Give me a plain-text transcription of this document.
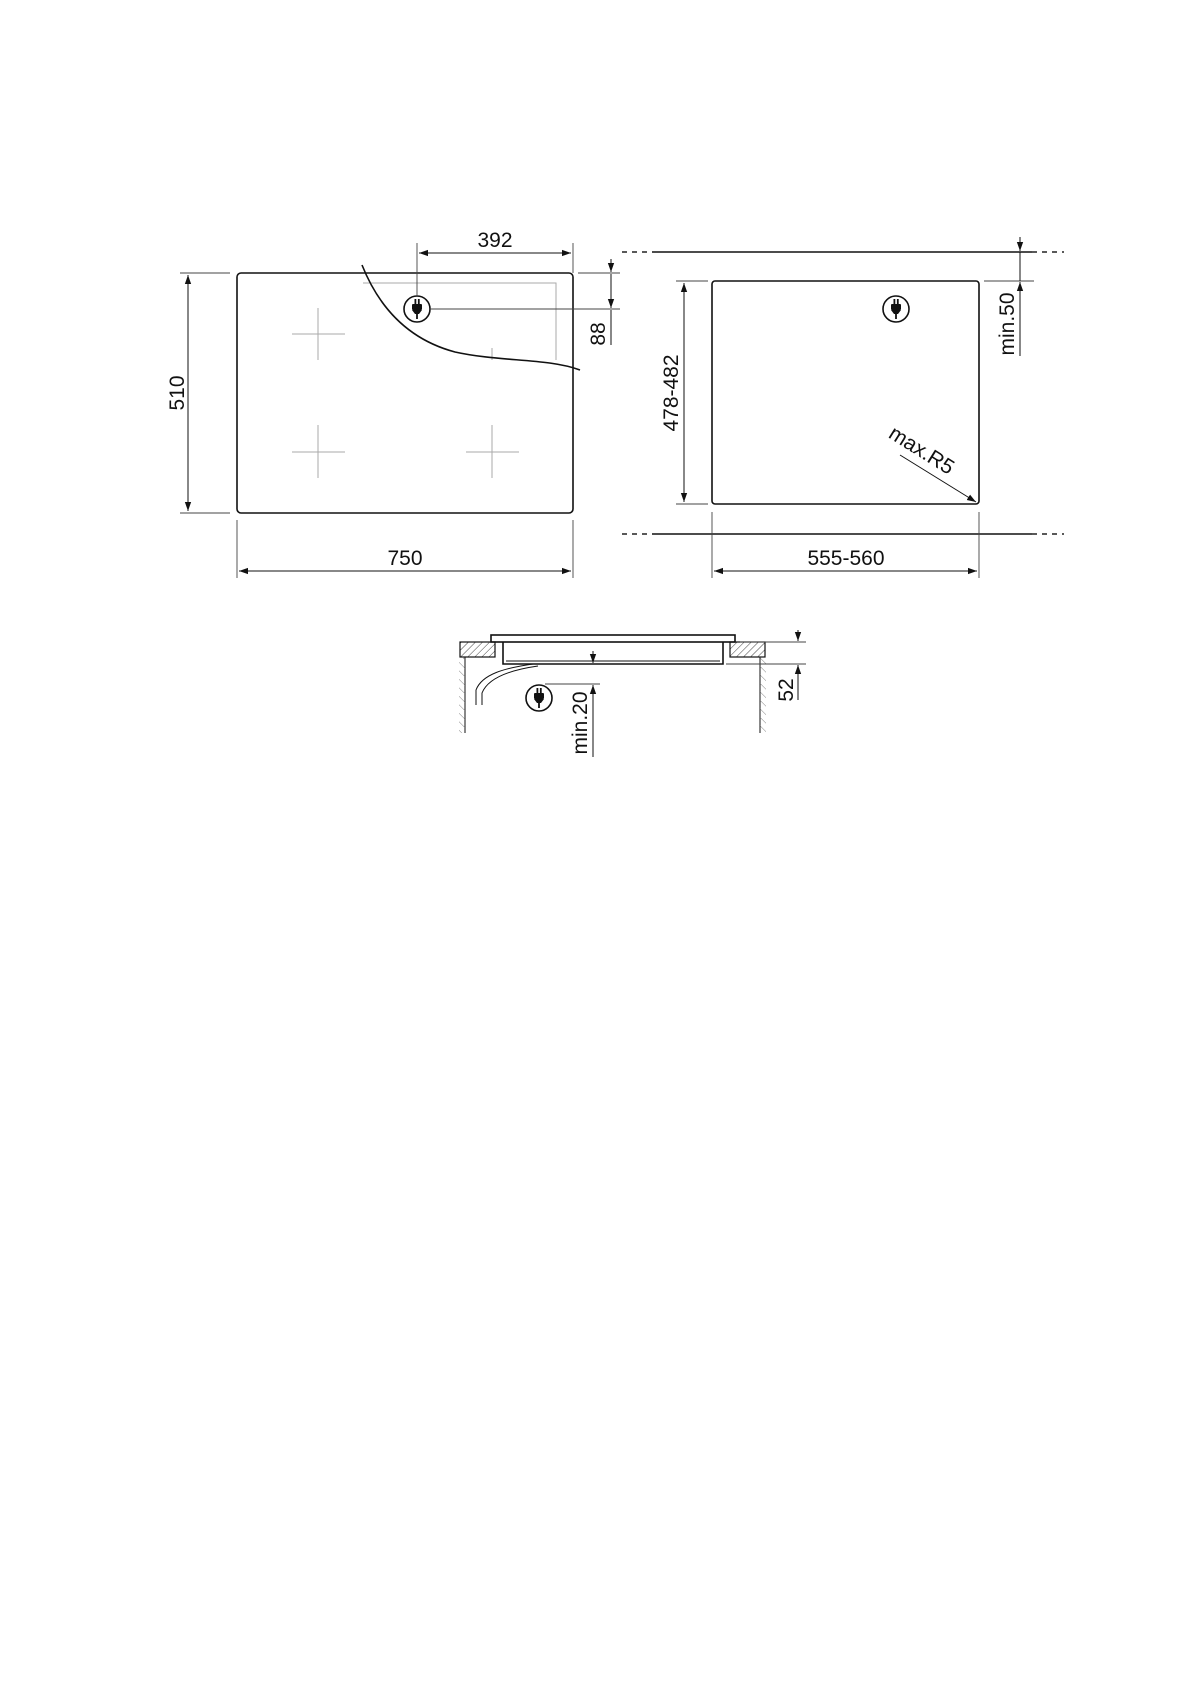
392
88
510
750
478-482
555-560
min.50
max.R5
min.20
52
